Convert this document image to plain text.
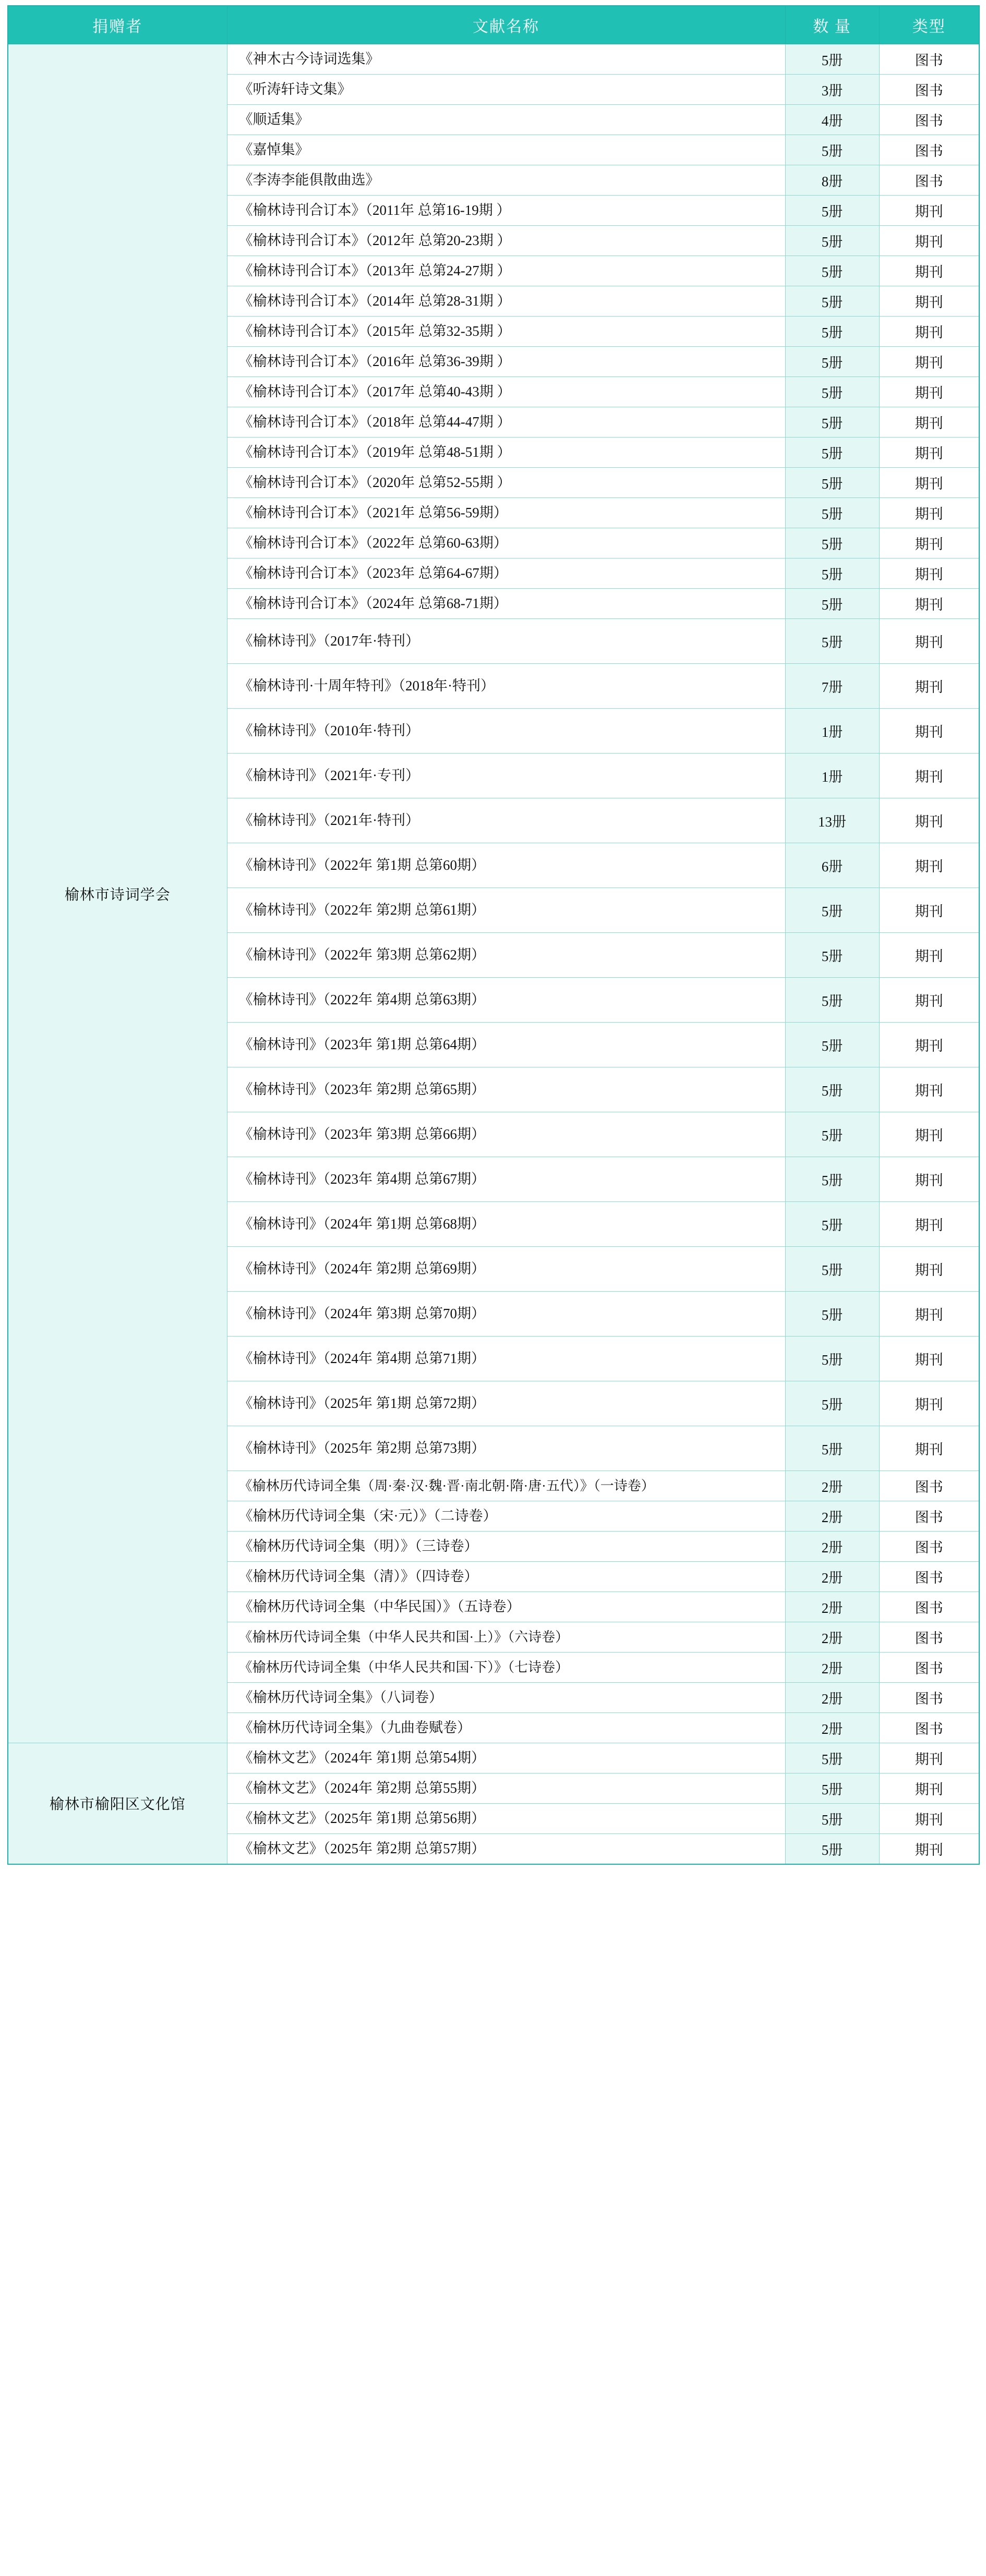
捐赠者	文献名称	数 量	类型
榆林市诗词学会	《神木古今诗词选集》	5册	图书
	《听涛轩诗文集》	3册	图书
	《顺适集》	4册	图书
	《嘉悼集》	5册	图书
	《李涛李能俱散曲选》	8册	图书
	《榆林诗刊合订本》（2011年 总第16-19期 ）	5册	期刊
	《榆林诗刊合订本》（2012年 总第20-23期 ）	5册	期刊
	《榆林诗刊合订本》（2013年 总第24-27期 ）	5册	期刊
	《榆林诗刊合订本》（2014年 总第28-31期 ）	5册	期刊
	《榆林诗刊合订本》（2015年 总第32-35期 ）	5册	期刊
	《榆林诗刊合订本》（2016年 总第36-39期 ）	5册	期刊
	《榆林诗刊合订本》（2017年 总第40-43期 ）	5册	期刊
	《榆林诗刊合订本》（2018年 总第44-47期 ）	5册	期刊
	《榆林诗刊合订本》（2019年 总第48-51期 ）	5册	期刊
	《榆林诗刊合订本》（2020年 总第52-55期 ）	5册	期刊
	《榆林诗刊合订本》（2021年 总第56-59期）	5册	期刊
	《榆林诗刊合订本》（2022年 总第60-63期）	5册	期刊
	《榆林诗刊合订本》（2023年 总第64-67期）	5册	期刊
	《榆林诗刊合订本》（2024年 总第68-71期）	5册	期刊
	《榆林诗刊》（2017年·特刊）	5册	期刊
	《榆林诗刊·十周年特刊》（2018年·特刊）	7册	期刊
	《榆林诗刊》（2010年·特刊）	1册	期刊
	《榆林诗刊》（2021年·专刊）	1册	期刊
	《榆林诗刊》（2021年·特刊）	13册	期刊
	《榆林诗刊》（2022年 第1期 总第60期）	6册	期刊
	《榆林诗刊》（2022年 第2期 总第61期）	5册	期刊
	《榆林诗刊》（2022年 第3期 总第62期）	5册	期刊
	《榆林诗刊》（2022年 第4期 总第63期）	5册	期刊
	《榆林诗刊》（2023年 第1期 总第64期）	5册	期刊
	《榆林诗刊》（2023年 第2期 总第65期）	5册	期刊
	《榆林诗刊》（2023年 第3期 总第66期）	5册	期刊
	《榆林诗刊》（2023年 第4期 总第67期）	5册	期刊
	《榆林诗刊》（2024年 第1期 总第68期）	5册	期刊
	《榆林诗刊》（2024年 第2期 总第69期）	5册	期刊
	《榆林诗刊》（2024年 第3期 总第70期）	5册	期刊
	《榆林诗刊》（2024年 第4期 总第71期）	5册	期刊
	《榆林诗刊》（2025年 第1期 总第72期）	5册	期刊
	《榆林诗刊》（2025年 第2期 总第73期）	5册	期刊
	《榆林历代诗词全集（周·秦·汉·魏·晋·南北朝·隋·唐·五代）》（一诗卷）	2册	图书
	《榆林历代诗词全集（宋·元）》（二诗卷）	2册	图书
	《榆林历代诗词全集（明）》（三诗卷）	2册	图书
	《榆林历代诗词全集（清）》（四诗卷）	2册	图书
	《榆林历代诗词全集（中华民国）》（五诗卷）	2册	图书
	《榆林历代诗词全集（中华人民共和国·上）》（六诗卷）	2册	图书
	《榆林历代诗词全集（中华人民共和国·下）》（七诗卷）	2册	图书
	《榆林历代诗词全集》（八词卷）	2册	图书
	《榆林历代诗词全集》（九曲卷赋卷）	2册	图书
榆林市榆阳区文化馆	《榆林文艺》（2024年 第1期 总第54期）	5册	期刊
	《榆林文艺》（2024年 第2期 总第55期）	5册	期刊
	《榆林文艺》（2025年 第1期 总第56期）	5册	期刊
	《榆林文艺》（2025年 第2期 总第57期）	5册	期刊
